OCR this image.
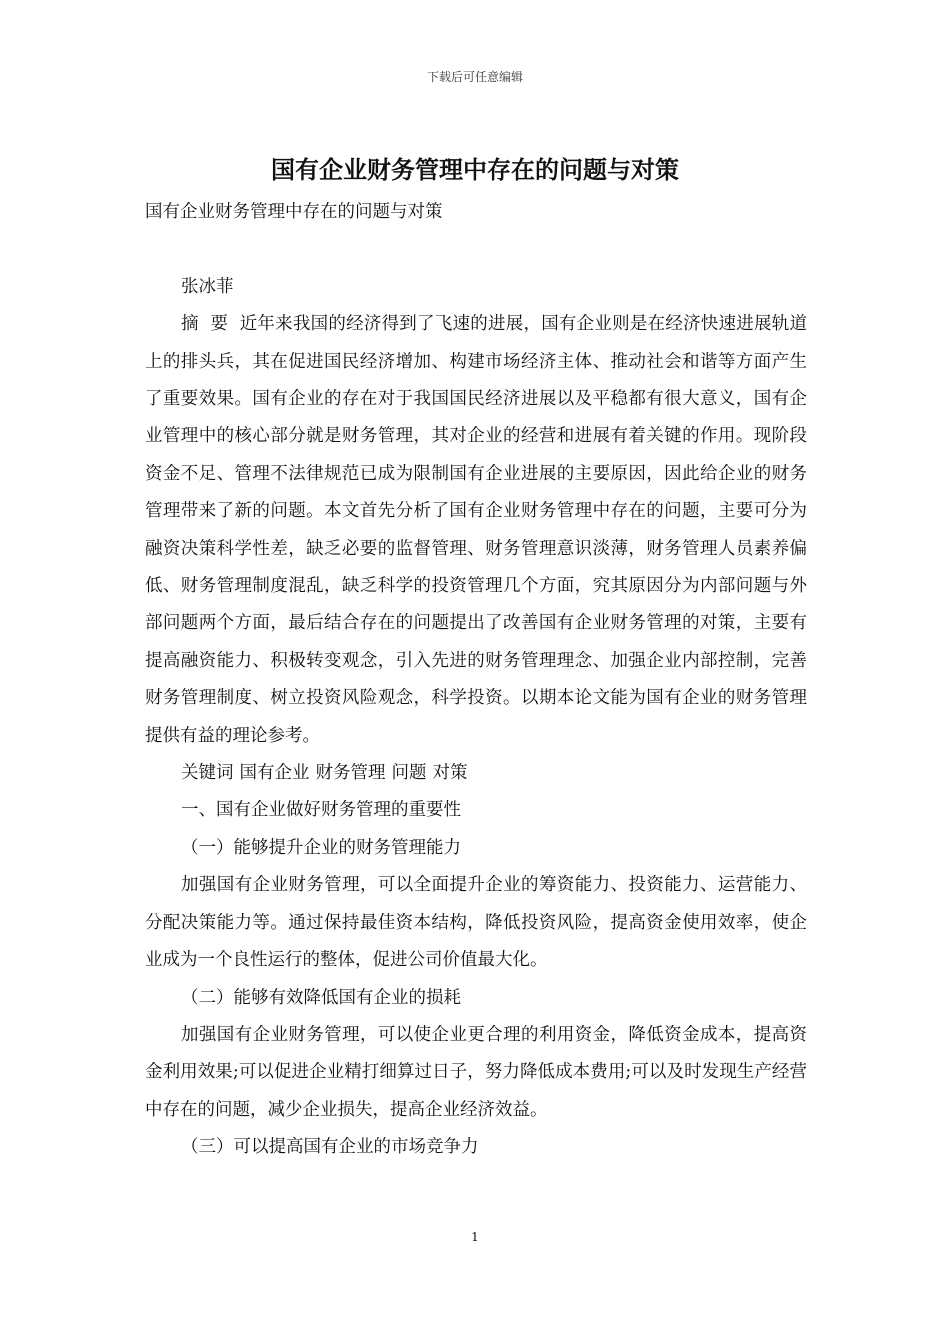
下载后可任意编辑
国有企业财务管理中存在的问题与对策

国有企业财务管理中存在的问题与对策

张冰菲

摘  要 近年来我国的经济得到了飞速的进展，国有企业则是在经济快速进展轨道上的排头兵，其在促进国民经济增加、构建市场经济主体、推动社会和谐等方面产生了重要效果。国有企业的存在对于我国国民经济进展以及平稳都有很大意义，国有企业管理中的核心部分就是财务管理，其对企业的经营和进展有着关键的作用。现阶段资金不足、管理不法律规范已成为限制国有企业进展的主要原因，因此给企业的财务管理带来了新的问题。本文首先分析了国有企业财务管理中存在的问题，主要可分为融资决策科学性差，缺乏必要的监督管理、财务管理意识淡薄，财务管理人员素养偏低、财务管理制度混乱，缺乏科学的投资管理几个方面，究其原因分为内部问题与外部问题两个方面，最后结合存在的问题提出了改善国有企业财务管理的对策，主要有提高融资能力、积极转变观念，引入先进的财务管理理念、加强企业内部控制，完善财务管理制度、树立投资风险观念，科学投资。以期本论文能为国有企业的财务管理提供有益的理论参考。

关键词 国有企业 财务管理 问题 对策

一、国有企业做好财务管理的重要性

（一）能够提升企业的财务管理能力

加强国有企业财务管理，可以全面提升企业的筹资能力、投资能力、运营能力、分配决策能力等。通过保持最佳资本结构，降低投资风险，提高资金使用效率，使企业成为一个良性运行的整体，促进公司价值最大化。

（二）能够有效降低国有企业的损耗

加强国有企业财务管理，可以使企业更合理的利用资金，降低资金成本，提高资金利用效果;可以促进企业精打细算过日子，努力降低成本费用;可以及时发现生产经营中存在的问题，减少企业损失，提高企业经济效益。

（三）可以提高国有企业的市场竞争力

1
